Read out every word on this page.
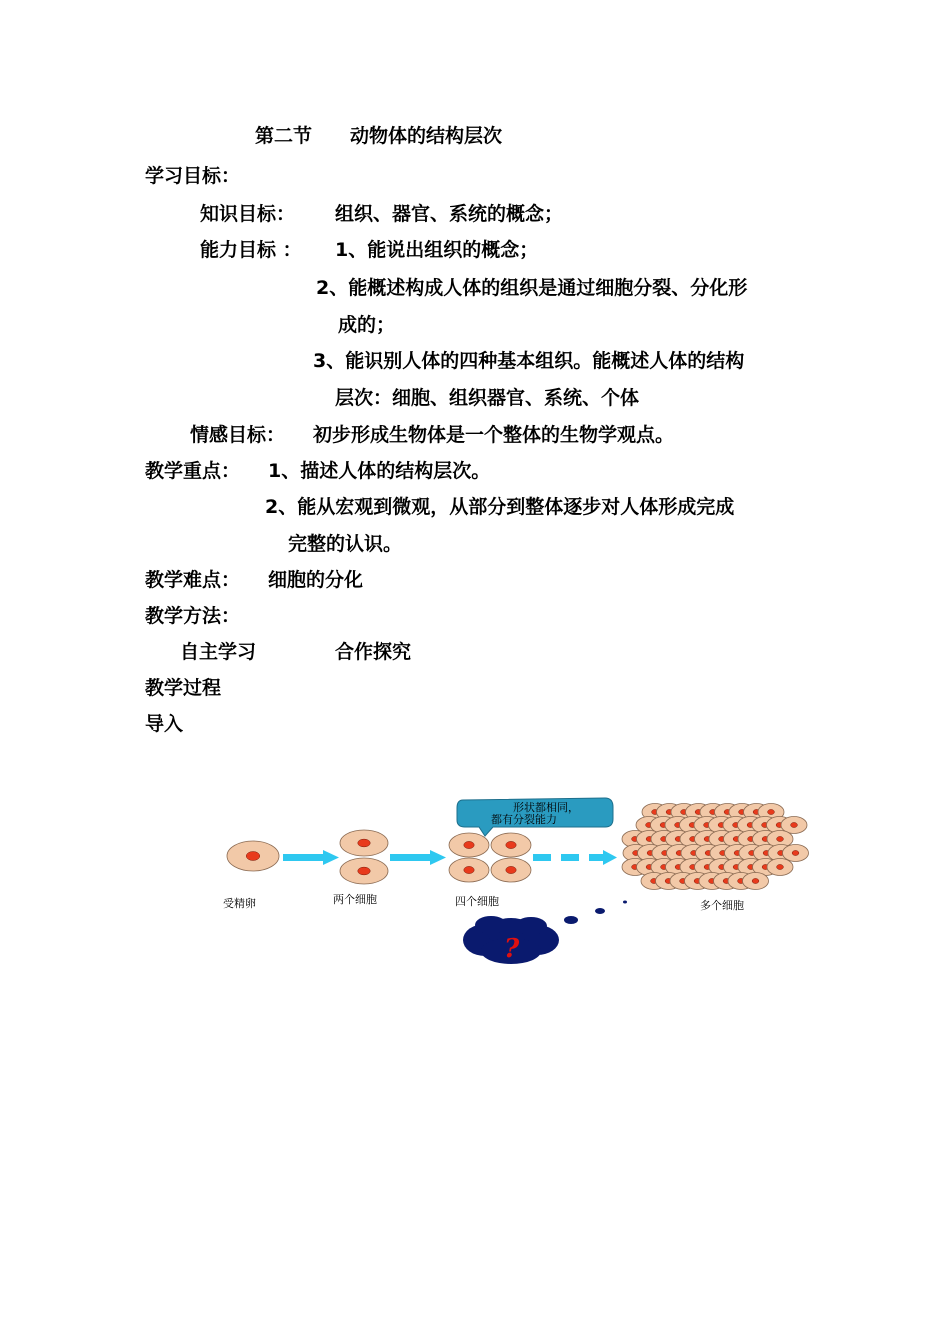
第二节　　动物体的结构层次
学习目标：
知识目标： 组织、器官、系统的概念；
能力目标 ： 1、能说出组织的概念；
2、能概述构成人体的组织是通过细胞分裂、分化形
成的；
3、能识别人体的四种基本组织。能概述人体的结构
层次：细胞、组织器官、系统、个体
情感目标： 初步形成生物体是一个整体的生物学观点。
教学重点： 1、描述人体的结构层次。
2、能从宏观到微观，从部分到整体逐步对人体形成完成
完整的认识。
教学难点： 细胞的分化
教学方法：
自主学习	合作探究
教学过程
导入
形状都相同，
都有分裂能力
受精卵	两个细胞	四个细胞	多个细胞
?
